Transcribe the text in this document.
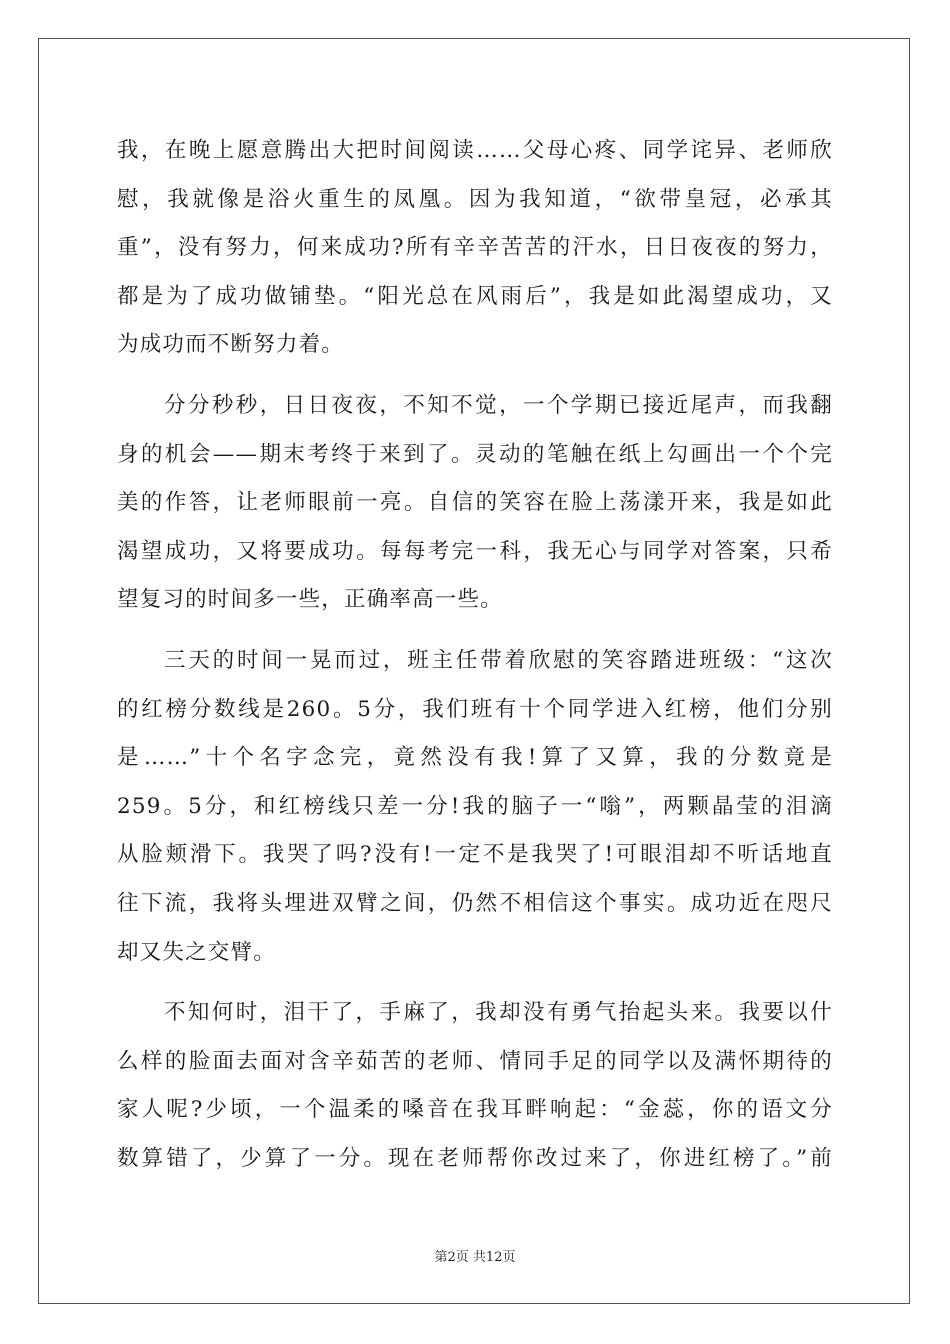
我，在晚上愿意腾出大把时间阅读……父母心疼、同学诧异、老师欣
慰，我就像是浴火重生的凤凰。因为我知道，“欲带皇冠，必承其
重”，没有努力，何来成功?所有辛辛苦苦的汗水，日日夜夜的努力，
都是为了成功做铺垫。“阳光总在风雨后”，我是如此渴望成功，又
为成功而不断努力着。
分分秒秒，日日夜夜，不知不觉，一个学期已接近尾声，而我翻
身的机会——期末考终于来到了。灵动的笔触在纸上勾画出一个个完
美的作答，让老师眼前一亮。自信的笑容在脸上荡漾开来，我是如此
渴望成功，又将要成功。每每考完一科，我无心与同学对答案，只希
望复习的时间多一些，正确率高一些。
三天的时间一晃而过，班主任带着欣慰的笑容踏进班级：“这次
的红榜分数线是260。5分，我们班有十个同学进入红榜，他们分别
是……”十个名字念完，竟然没有我!算了又算，我的分数竟是
259。5分，和红榜线只差一分!我的脑子一“嗡”，两颗晶莹的泪滴
从脸颊滑下。我哭了吗?没有!一定不是我哭了!可眼泪却不听话地直
往下流，我将头埋进双臂之间，仍然不相信这个事实。成功近在咫尺
却又失之交臂。
不知何时，泪干了，手麻了，我却没有勇气抬起头来。我要以什
么样的脸面去面对含辛茹苦的老师、情同手足的同学以及满怀期待的
家人呢?少顷，一个温柔的嗓音在我耳畔响起：“金蕊，你的语文分
数算错了，少算了一分。现在老师帮你改过来了，你进红榜了。”前
第2页 共12页
